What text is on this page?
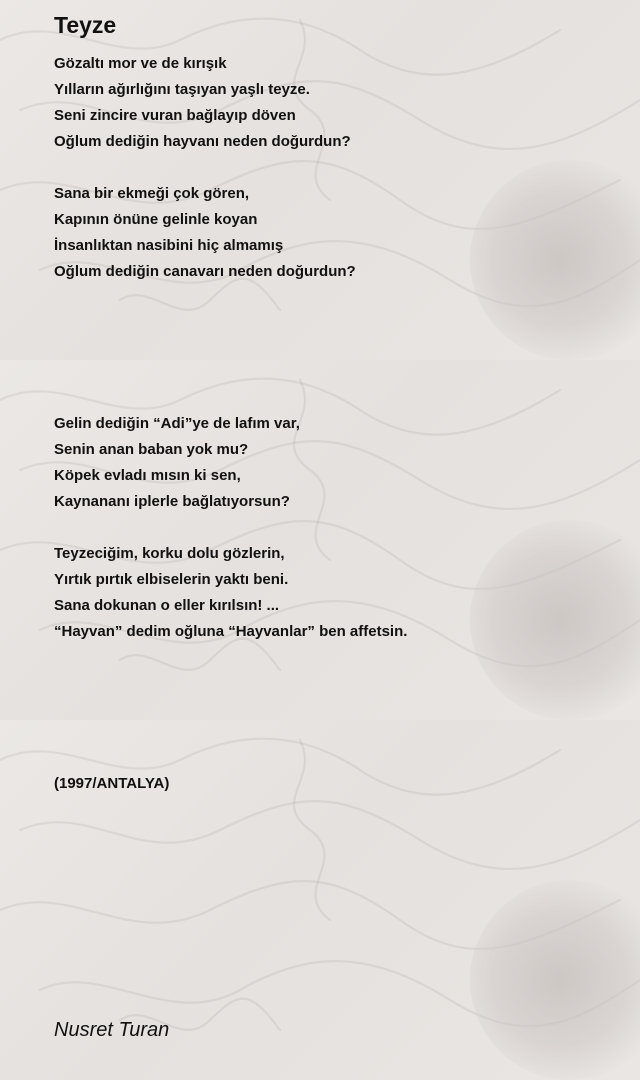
Teyze
Gözaltı mor ve de kırışık
Yılların ağırlığını taşıyan yaşlı teyze.
Seni zincire vuran bağlayıp döven
Oğlum dediğin hayvanı neden doğurdun?
Sana bir ekmeği çok gören,
Kapının önüne gelinle koyan
İnsanlıktan nasibini hiç almamış
Oğlum dediğin canavarı neden doğurdun?
Gelin dediğin “Adi”ye de lafım var,
Senin anan baban yok mu?
Köpek evladı mısın ki sen,
Kaynananı iplerle bağlatıyorsun?
Teyzeciğim, korku dolu gözlerin,
Yırtık pırtık elbiselerin yaktı beni.
Sana dokunan o eller kırılsın! ...
“Hayvan” dedim oğluna “Hayvanlar” ben affetsin.
(1997/ANTALYA)
Nusret Turan
